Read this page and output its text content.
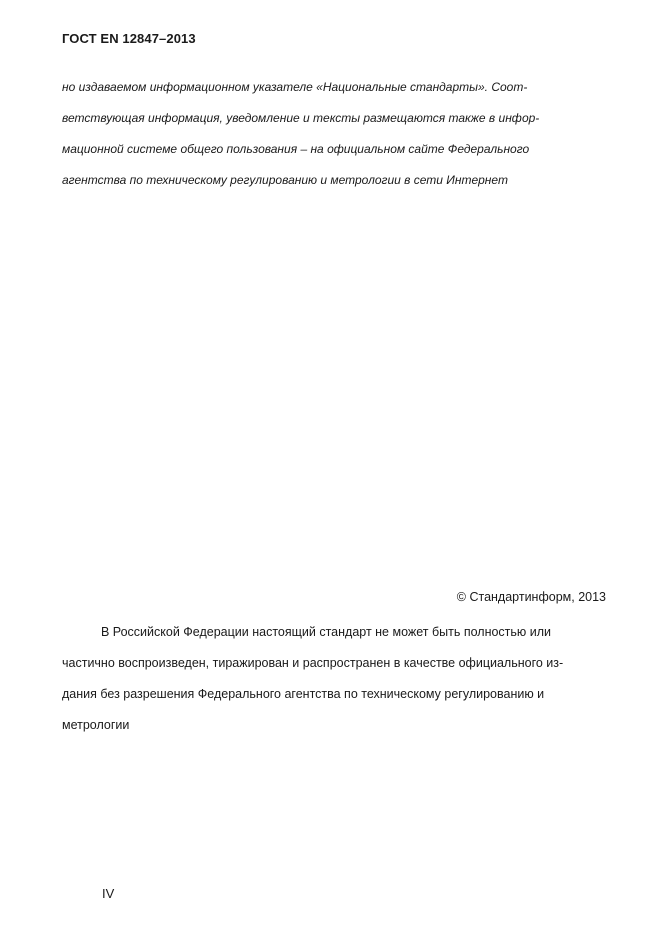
ГОСТ EN 12847–2013

но издаваемом информационном указателе «Национальные стандарты». Соот-
ветствующая информация, уведомление и тексты размещаются также в инфор-
мационной системе общего пользования – на официальном сайте Федерального
агентства по техническому регулированию и метрологии в сети Интернет

© Стандартинформ, 2013

В Российской Федерации настоящий стандарт не может быть полностью или
частично воспроизведен, тиражирован и распространен в качестве официального из-
дания без разрешения Федерального агентства по техническому регулированию и
метрологии

IV
